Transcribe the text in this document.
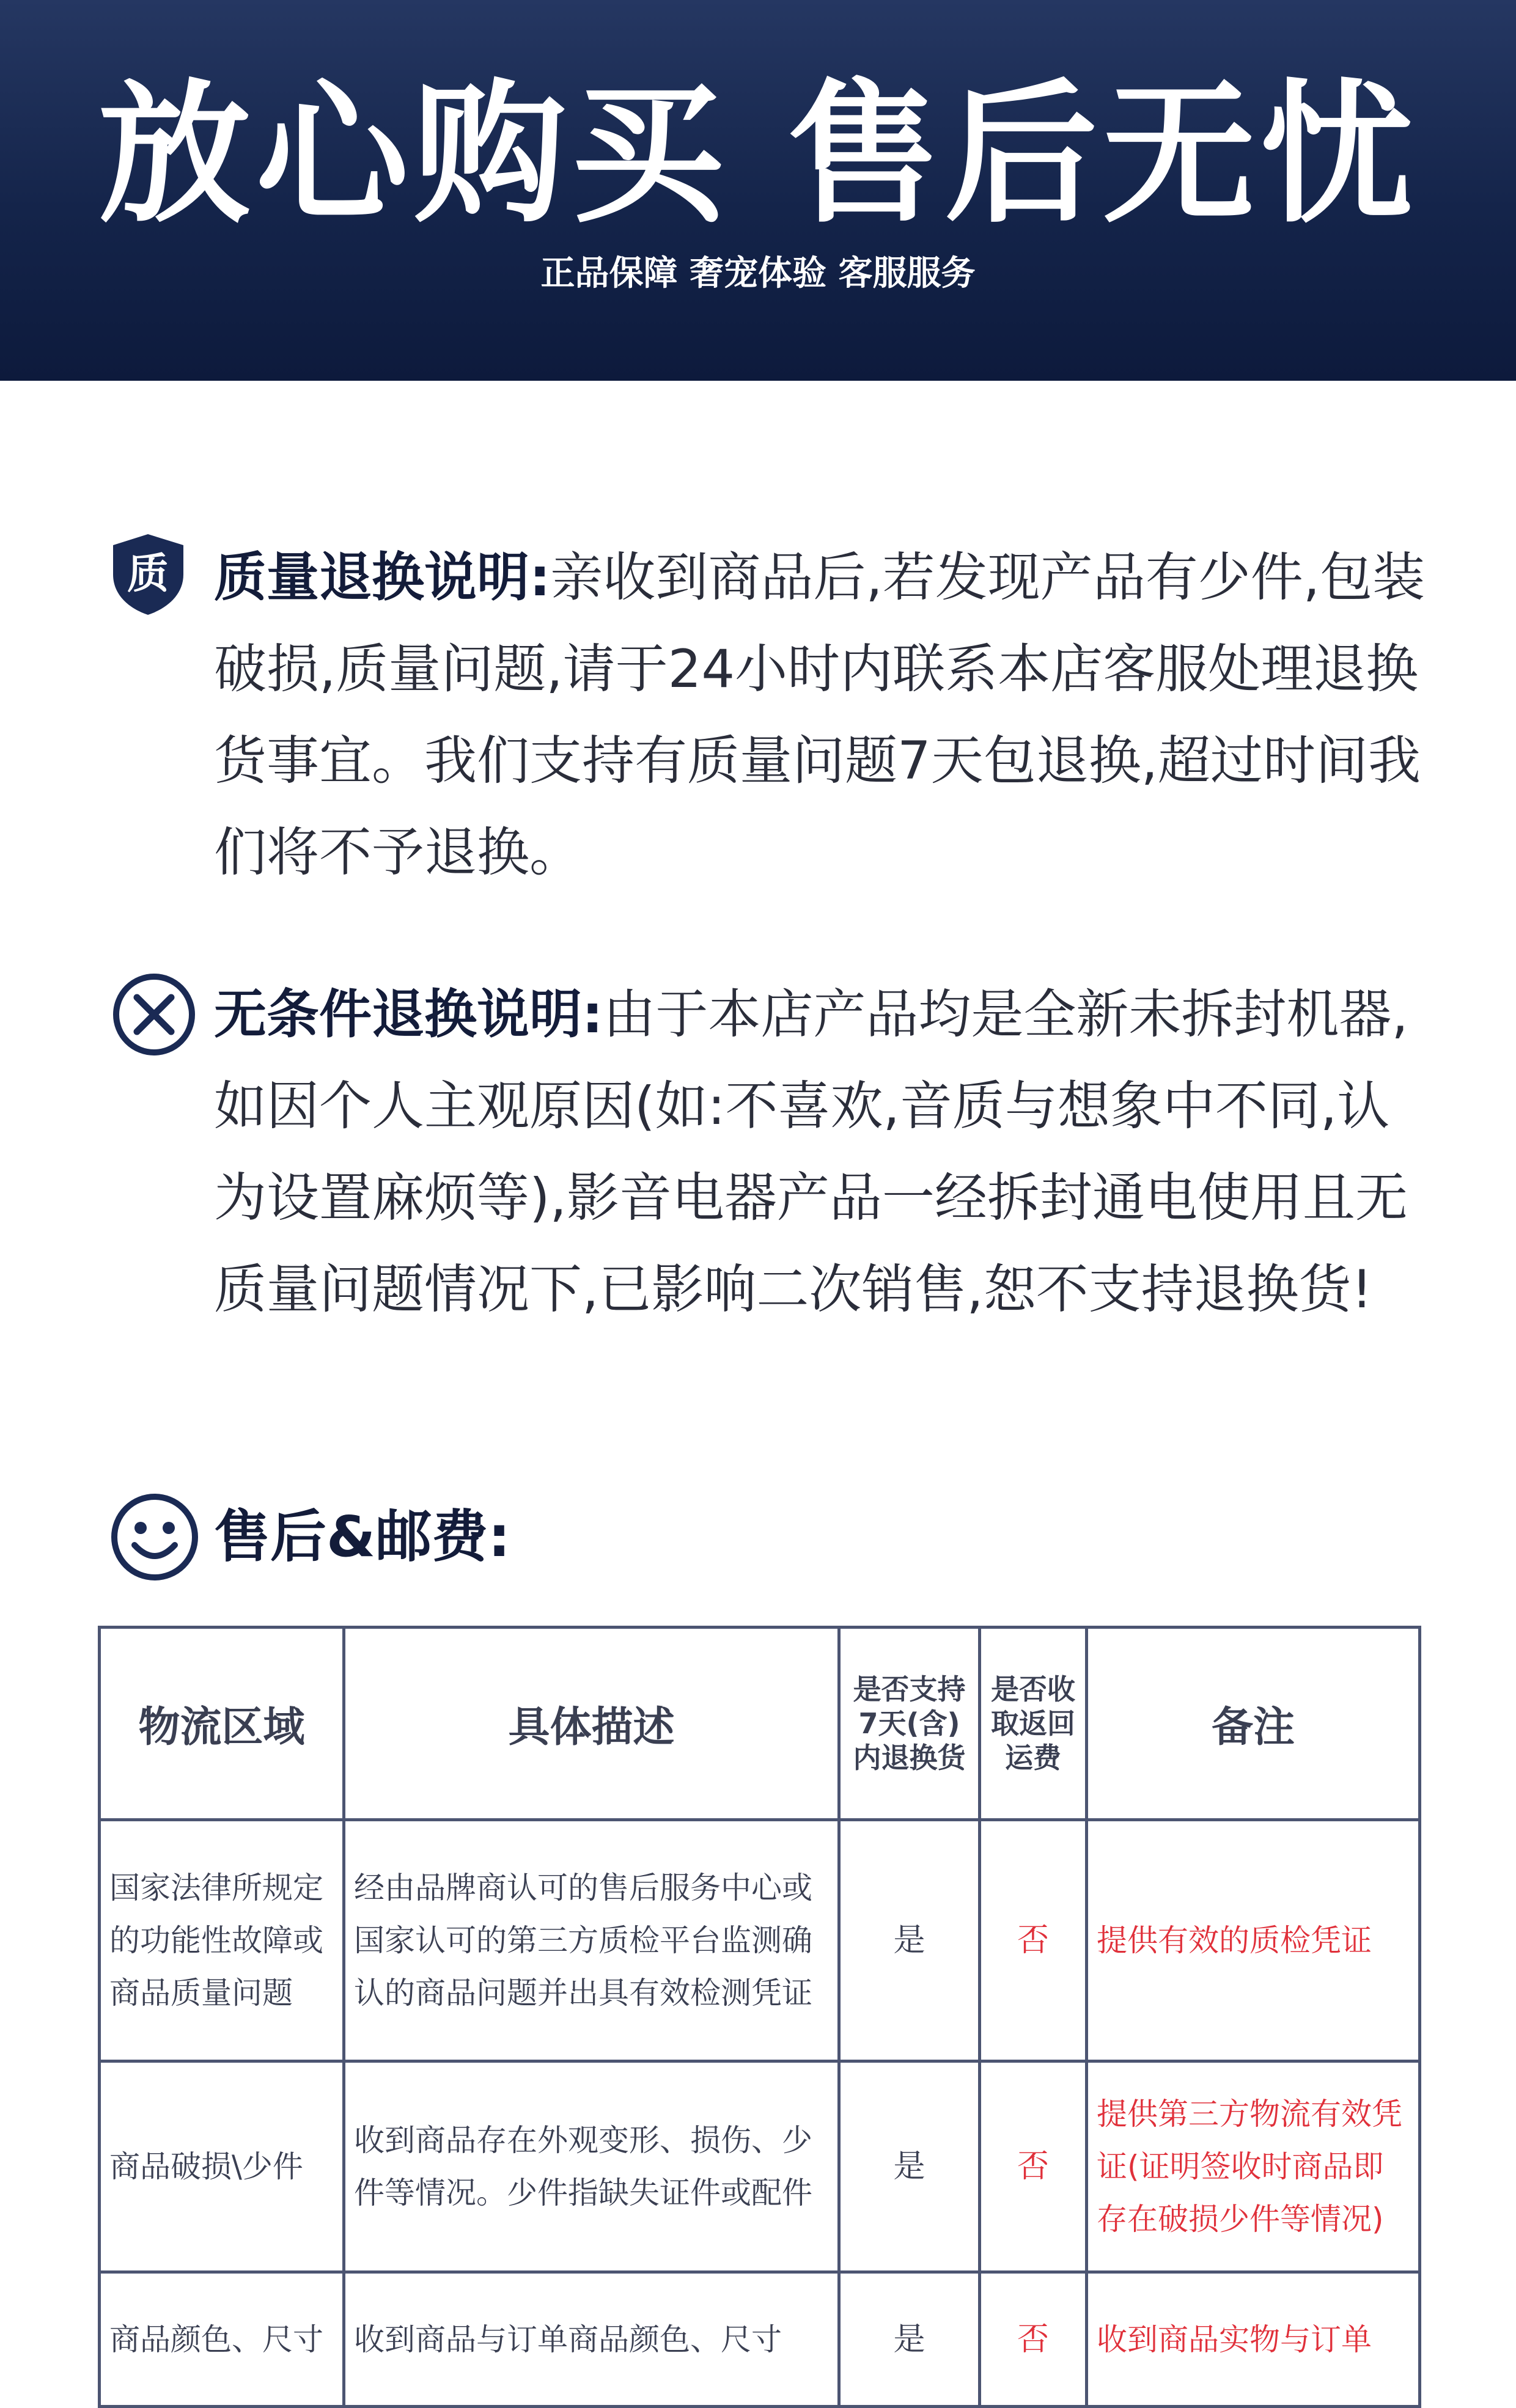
放心购买 售后无忧
正品保障 奢宠体验 客服服务
质 质量退换说明:亲收到商品后,若发现产品有少件,包装破损,质量问题,请于24小时内联系本店客服处理退换货事宜。我们支持有质量问题7天包退换,超过时间我们将不予退换。
无条件退换说明:由于本店产品均是全新未拆封机器,如因个人主观原因(如:不喜欢,音质与想象中不同,认为设置麻烦等),影音电器产品一经拆封通电使用且无质量问题情况下,已影响二次销售,恕不支持退换货!
售后&邮费:
物流区域	具体描述	是否支持7天(含)内退换货	是否收取返回运费	备注
国家法律所规定的功能性故障或商品质量问题	经由品牌商认可的售后服务中心或国家认可的第三方质检平台监测确认的商品问题并出具有效检测凭证	是	否	提供有效的质检凭证
商品破损\少件	收到商品存在外观变形、损伤、少件等情况。少件指缺失证件或配件	是	否	提供第三方物流有效凭证(证明签收时商品即存在破损少件等情况)
商品颜色、尺寸	收到商品与订单商品颜色、尺寸	是	否	收到商品实物与订单
